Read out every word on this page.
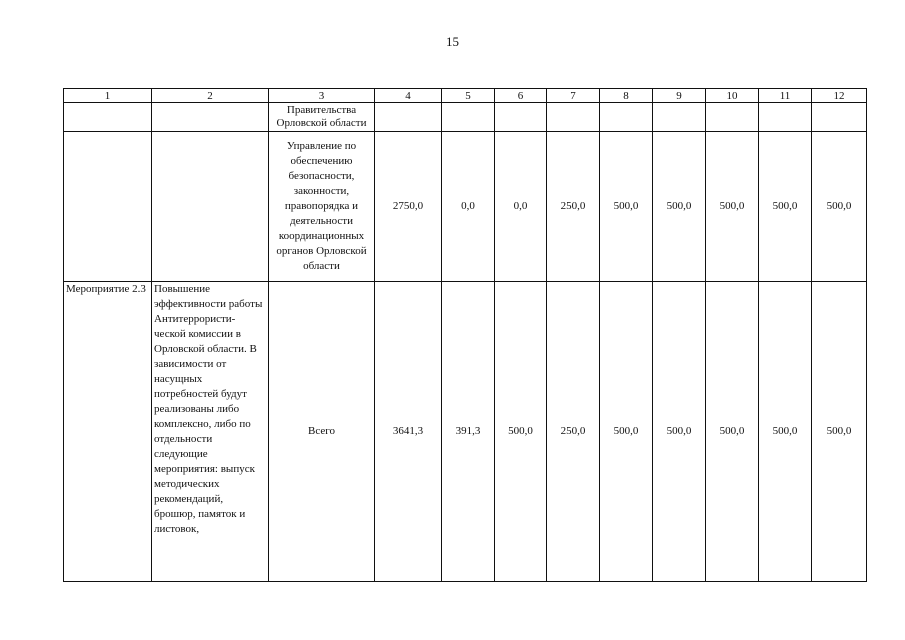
15
1	2	3	4	5	6	7	8	9	10	11	12
		Правительства Орловской области									
		Управление по обеспечению безопасности, законности, правопорядка и деятельности координационных органов Орловской области	2750,0	0,0	0,0	250,0	500,0	500,0	500,0	500,0	500,0
Мероприятие 2.3	Повышение эффективности работы Антитеррористи-ческой комиссии в Орловской области. В зависимости от насущных потребностей будут реализованы либо комплексно, либо по отдельности следующие мероприятия: выпуск методических рекомендаций, брошюр, памяток и листовок,	Всего	3641,3	391,3	500,0	250,0	500,0	500,0	500,0	500,0	500,0
